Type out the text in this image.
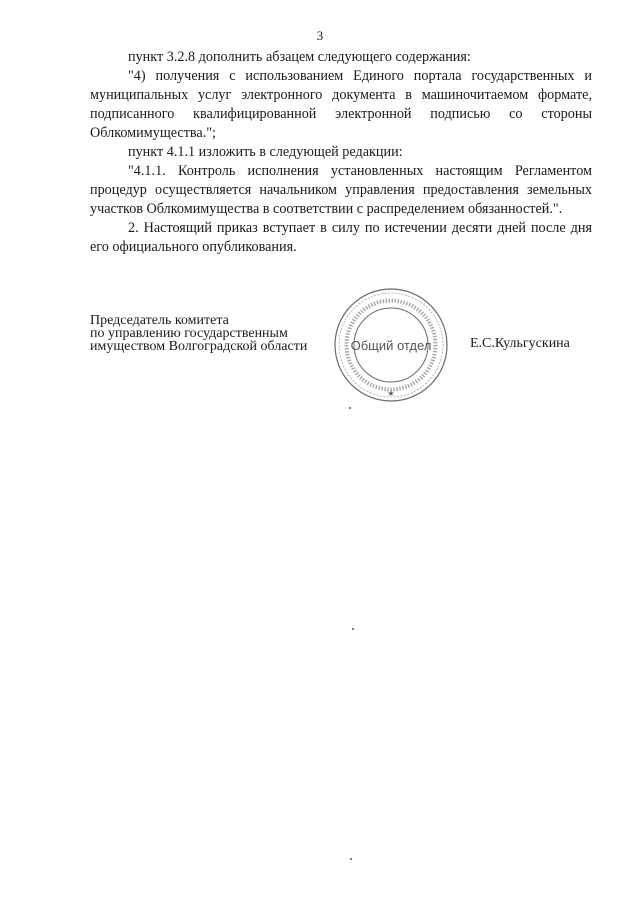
3

пункт 3.2.8 дополнить абзацем следующего содержания:

"4) получения с использованием Единого портала государственных и муниципальных услуг электронного документа в машиночитаемом формате, подписанного квалифицированной электронной подписью со стороны Облкомимущества.";

пункт 4.1.1 изложить в следующей редакции:

"4.1.1. Контроль исполнения установленных настоящим Регламентом процедур осуществляется начальником управления предоставления земельных участков Облкомимущества в соответствии с распределением обязанностей.".

2. Настоящий приказ вступает в силу по истечении десяти дней после дня его официального опубликования.

Председатель комитета
по управлению государственным
имуществом Волгоградской области	Общий отдел
★
Е.С.Кульгускина
